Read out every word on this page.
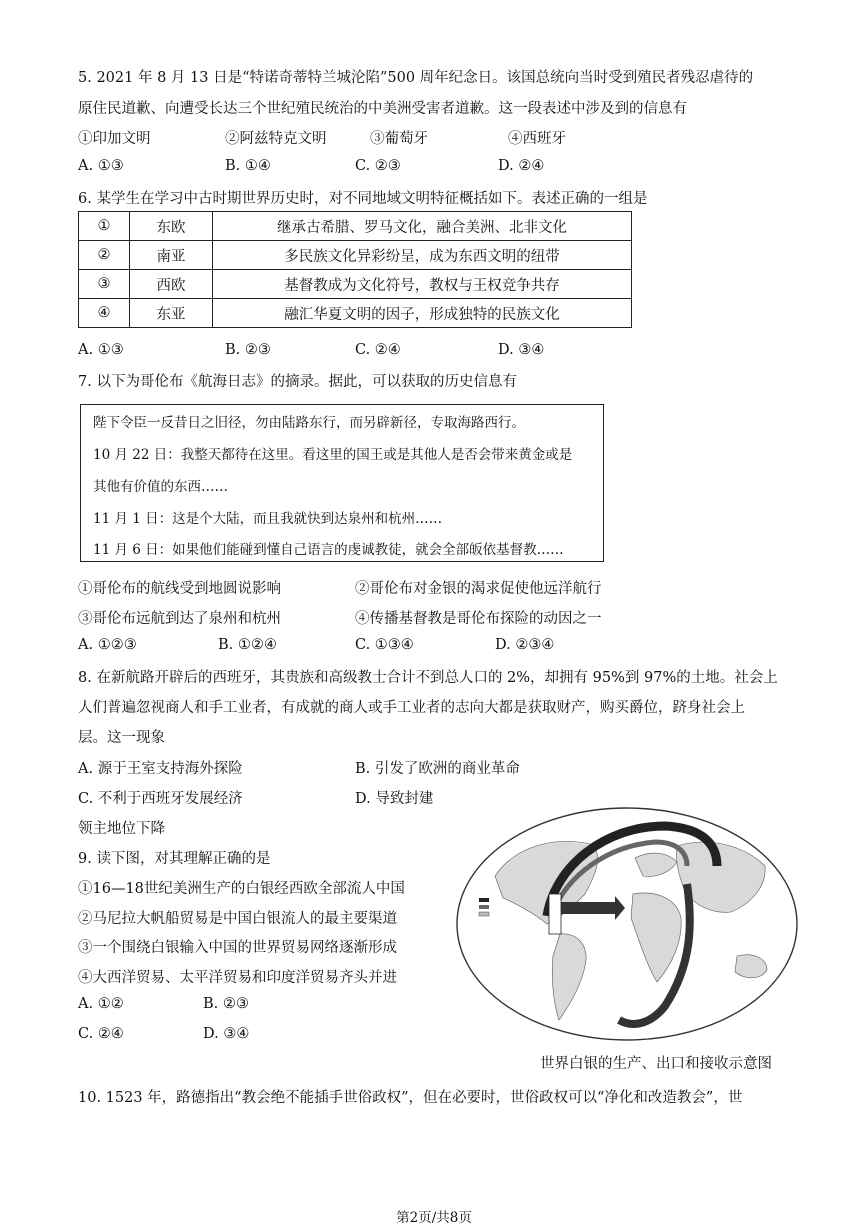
5. 2021 年 8 月 13 日是“特诺奇蒂特兰城沦陷”500 周年纪念日。该国总统向当时受到殖民者残忍虐待的
原住民道歉、向遭受长达三个世纪殖民统治的中美洲受害者道歉。这一段表述中涉及到的信息有
①印加文明	②阿兹特克文明	③葡萄牙	④西班牙
A. ①③	B. ①④	C. ②③	D. ②④
6. 某学生在学习中古时期世界历史时，对不同地域文明特征概括如下。表述正确的一组是
①	东欧	继承古希腊、罗马文化，融合美洲、北非文化
②	南亚	多民族文化异彩纷呈，成为东西文明的纽带
③	西欧	基督教成为文化符号，教权与王权竞争共存
④	东亚	融汇华夏文明的因子，形成独特的民族文化
A. ①③	B. ②③	C. ②④	D. ③④
7. 以下为哥伦布《航海日志》的摘录。据此，可以获取的历史信息有
陛下令臣一反昔日之旧径，勿由陆路东行，而另辟新径，专取海路西行。
10 月 22 日：我整天都待在这里。看这里的国王或是其他人是否会带来黄金或是
其他有价值的东西……
11 月 1 日：这是个大陆，而且我就快到达泉州和杭州……
11 月 6 日：如果他们能碰到懂自己语言的虔诚教徒，就会全部皈依基督教……
①哥伦布的航线受到地圆说影响	②哥伦布对金银的渴求促使他远洋航行
③哥伦布远航到达了泉州和杭州	④传播基督教是哥伦布探险的动因之一
A. ①②③	B. ①②④	C. ①③④	D. ②③④
8. 在新航路开辟后的西班牙，其贵族和高级教士合计不到总人口的 2%，却拥有 95%到 97%的土地。社会上
人们普遍忽视商人和手工业者，有成就的商人或手工业者的志向大都是获取财产，购买爵位，跻身社会上
层。这一现象
A. 源于王室支持海外探险	B. 引发了欧洲的商业革命
C. 不利于西班牙发展经济	D. 导致封建
领主地位下降
9. 读下图，对其理解正确的是
①16—18世纪美洲生产的白银经西欧全部流人中国
②马尼拉大帆船贸易是中国白银流人的最主要渠道
③一个围绕白银输入中国的世界贸易网络逐渐形成
④大西洋贸易、太平洋贸易和印度洋贸易齐头并进
A. ①②	B. ②③
C. ②④	D. ③④
世界白银的生产、出口和接收示意图
10. 1523 年，路德指出“教会绝不能插手世俗政权”，但在必要时，世俗政权可以“净化和改造教会”，世
第2页/共8页
